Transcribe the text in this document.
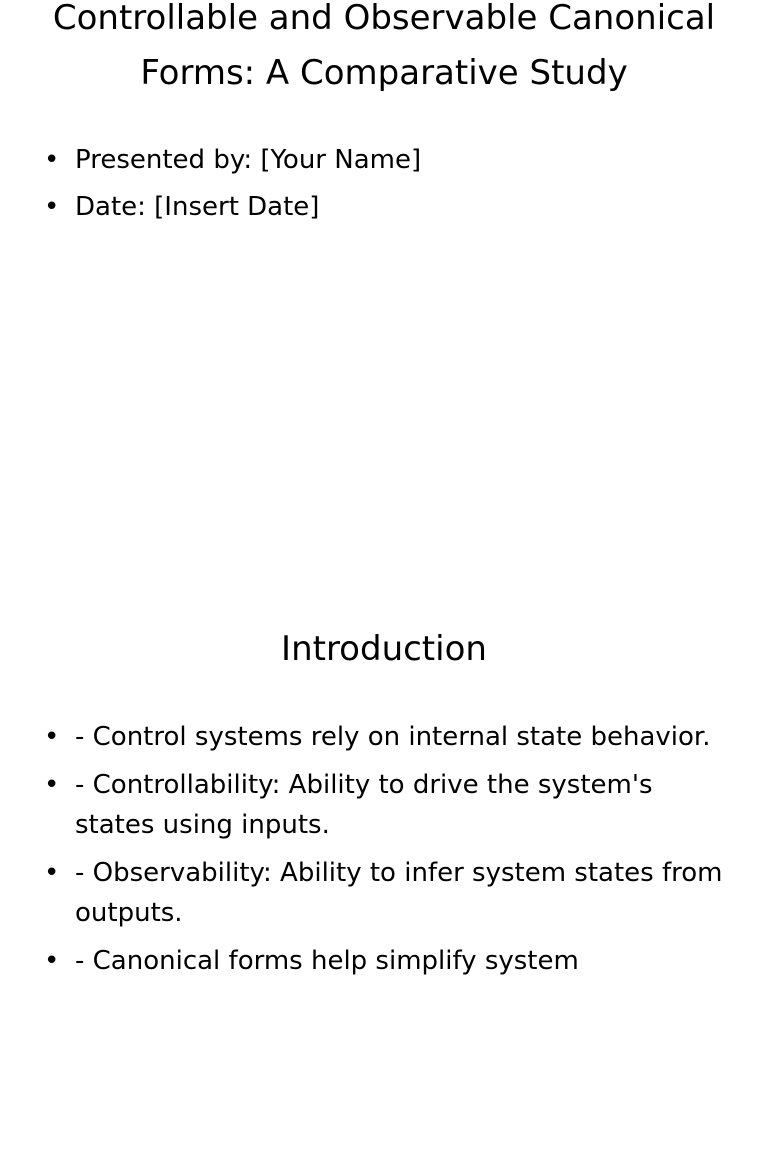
Controllable and Observable Canonical Forms: A Comparative Study
• Presented by: [Your Name]
• Date: [Insert Date]
Introduction
• - Control systems rely on internal state behavior.
• - Controllability: Ability to drive the system's states using inputs.
• - Observability: Ability to infer system states from outputs.
• - Canonical forms help simplify system
